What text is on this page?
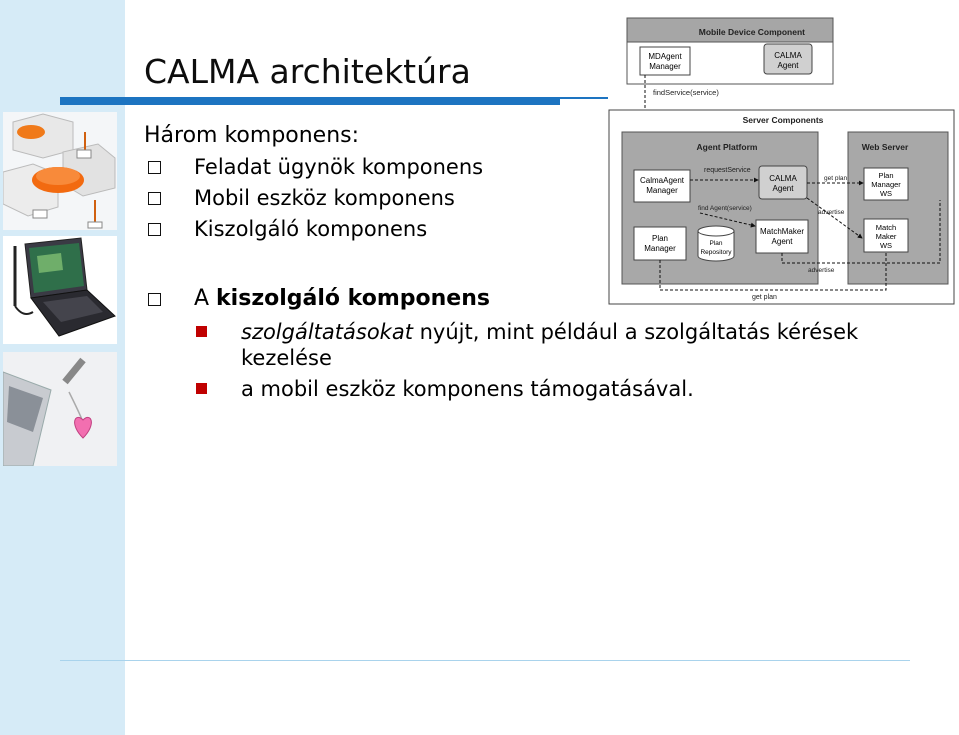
CALMA architektúra
Három komponens:
Feladat ügynök komponens
Mobil eszköz komponens
Kiszolgáló komponens
A kiszolgáló komponens
szolgáltatásokat nyújt, mint például a szolgáltatás kérések
kezelése
a mobil eszköz komponens támogatásával.
Mobile Device Component
MDAgent
Manager
CALMA
Agent
findService(service)
Server Components
Agent Platform	Web Server
CalmaAgent
Manager
requestService
CALMA
Agent
get plan
find Agent(service)
Plan
Manager
WS
advertise
Plan
Manager
Plan
Repository
MatchMaker
Agent
Match
Maker
WS
advertise
get plan
